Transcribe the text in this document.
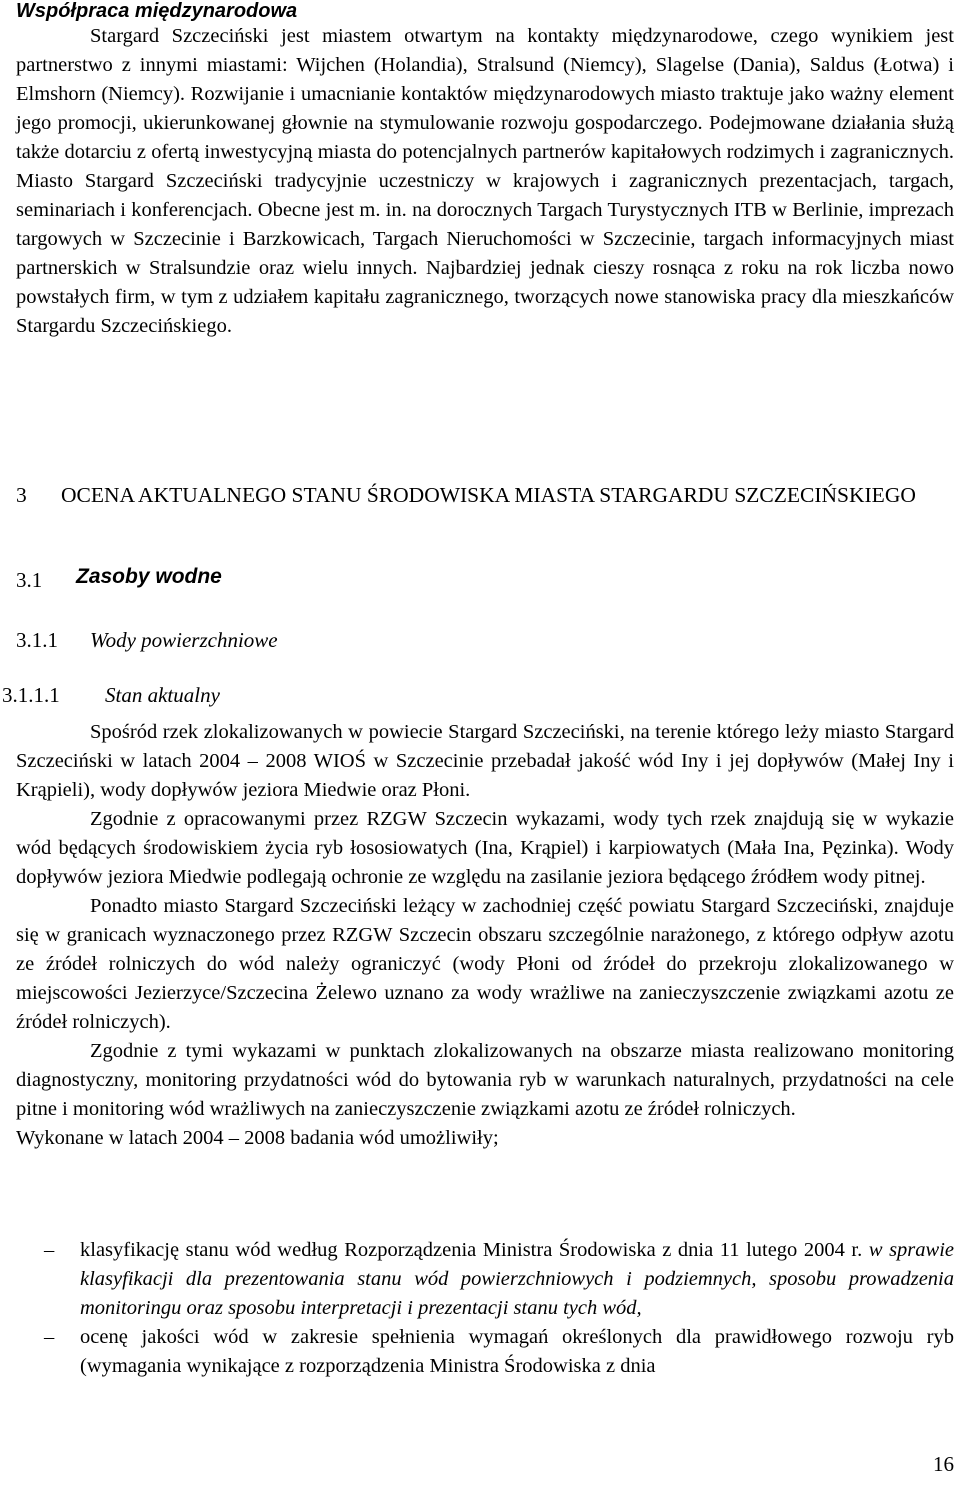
Współpraca międzynarodowa

Stargard Szczeciński jest miastem otwartym na kontakty międzynarodowe, czego wynikiem jest partnerstwo z innymi miastami: Wijchen (Holandia), Stralsund (Niemcy), Slagelse (Dania), Saldus (Łotwa) i Elmshorn (Niemcy). Rozwijanie i umacnianie kontaktów międzynarodowych miasto traktuje jako ważny element jego promocji, ukierunkowanej głownie na stymulowanie rozwoju gospodarczego. Podejmowane działania służą także dotarciu z ofertą inwestycyjną miasta do potencjalnych partnerów kapitałowych rodzimych i zagranicznych. Miasto Stargard Szczeciński tradycyjnie uczestniczy w krajowych i zagranicznych prezentacjach, targach, seminariach i konferencjach. Obecne jest m. in. na dorocznych Targach Turystycznych ITB w Berlinie, imprezach targowych w Szczecinie i Barzkowicach, Targach Nieruchomości w Szczecinie, targach informacyjnych miast partnerskich w Stralsundzie oraz wielu innych. Najbardziej jednak cieszy rosnąca z roku na rok liczba nowo powstałych firm, w tym z udziałem kapitału zagranicznego, tworzących nowe stanowiska pracy dla mieszkańców Stargardu Szczecińskiego.

3 OCENA AKTUALNEGO STANU ŚRODOWISKA MIASTA STARGARDU SZCZECIŃSKIEGO
3.1 Zasoby wodne
3.1.1 Wody powierzchniowe
3.1.1.1 Stan aktualny

Spośród rzek zlokalizowanych w powiecie Stargard Szczeciński, na terenie którego leży miasto Stargard Szczeciński w latach 2004 – 2008 WIOŚ w Szczecinie przebadał jakość wód Iny i jej dopływów (Małej Iny i Krąpieli), wody dopływów jeziora Miedwie oraz Płoni.

Zgodnie z opracowanymi przez RZGW Szczecin wykazami, wody tych rzek znajdują się w wykazie wód będących środowiskiem życia ryb łososiowatych (Ina, Krąpiel) i karpiowatych (Mała Ina, Pęzinka). Wody dopływów jeziora Miedwie podlegają ochronie ze względu na zasilanie jeziora będącego źródłem wody pitnej.

Ponadto miasto Stargard Szczeciński leżący w zachodniej część powiatu Stargard Szczeciński, znajduje się w granicach wyznaczonego przez RZGW Szczecin obszaru szczególnie narażonego, z którego odpływ azotu ze źródeł rolniczych do wód należy ograniczyć (wody Płoni od źródeł do przekroju zlokalizowanego w miejscowości Jezierzyce/Szczecina Żelewo uznano za wody wrażliwe na zanieczyszczenie związkami azotu ze źródeł rolniczych).

Zgodnie z tymi wykazami w punktach zlokalizowanych na obszarze miasta realizowano monitoring diagnostyczny, monitoring przydatności wód do bytowania ryb w warunkach naturalnych, przydatności na cele pitne i monitoring wód wrażliwych na zanieczyszczenie związkami azotu ze źródeł rolniczych.

Wykonane w latach 2004 – 2008 badania wód umożliwiły;

– klasyfikację stanu wód według Rozporządzenia Ministra Środowiska z dnia 11 lutego 2004 r. w sprawie klasyfikacji dla prezentowania stanu wód powierzchniowych i podziemnych, sposobu prowadzenia monitoringu oraz sposobu interpretacji i prezentacji stanu tych wód,
– ocenę jakości wód w zakresie spełnienia wymagań określonych dla prawidłowego rozwoju ryb (wymagania wynikające z rozporządzenia Ministra Środowiska z dnia
16
